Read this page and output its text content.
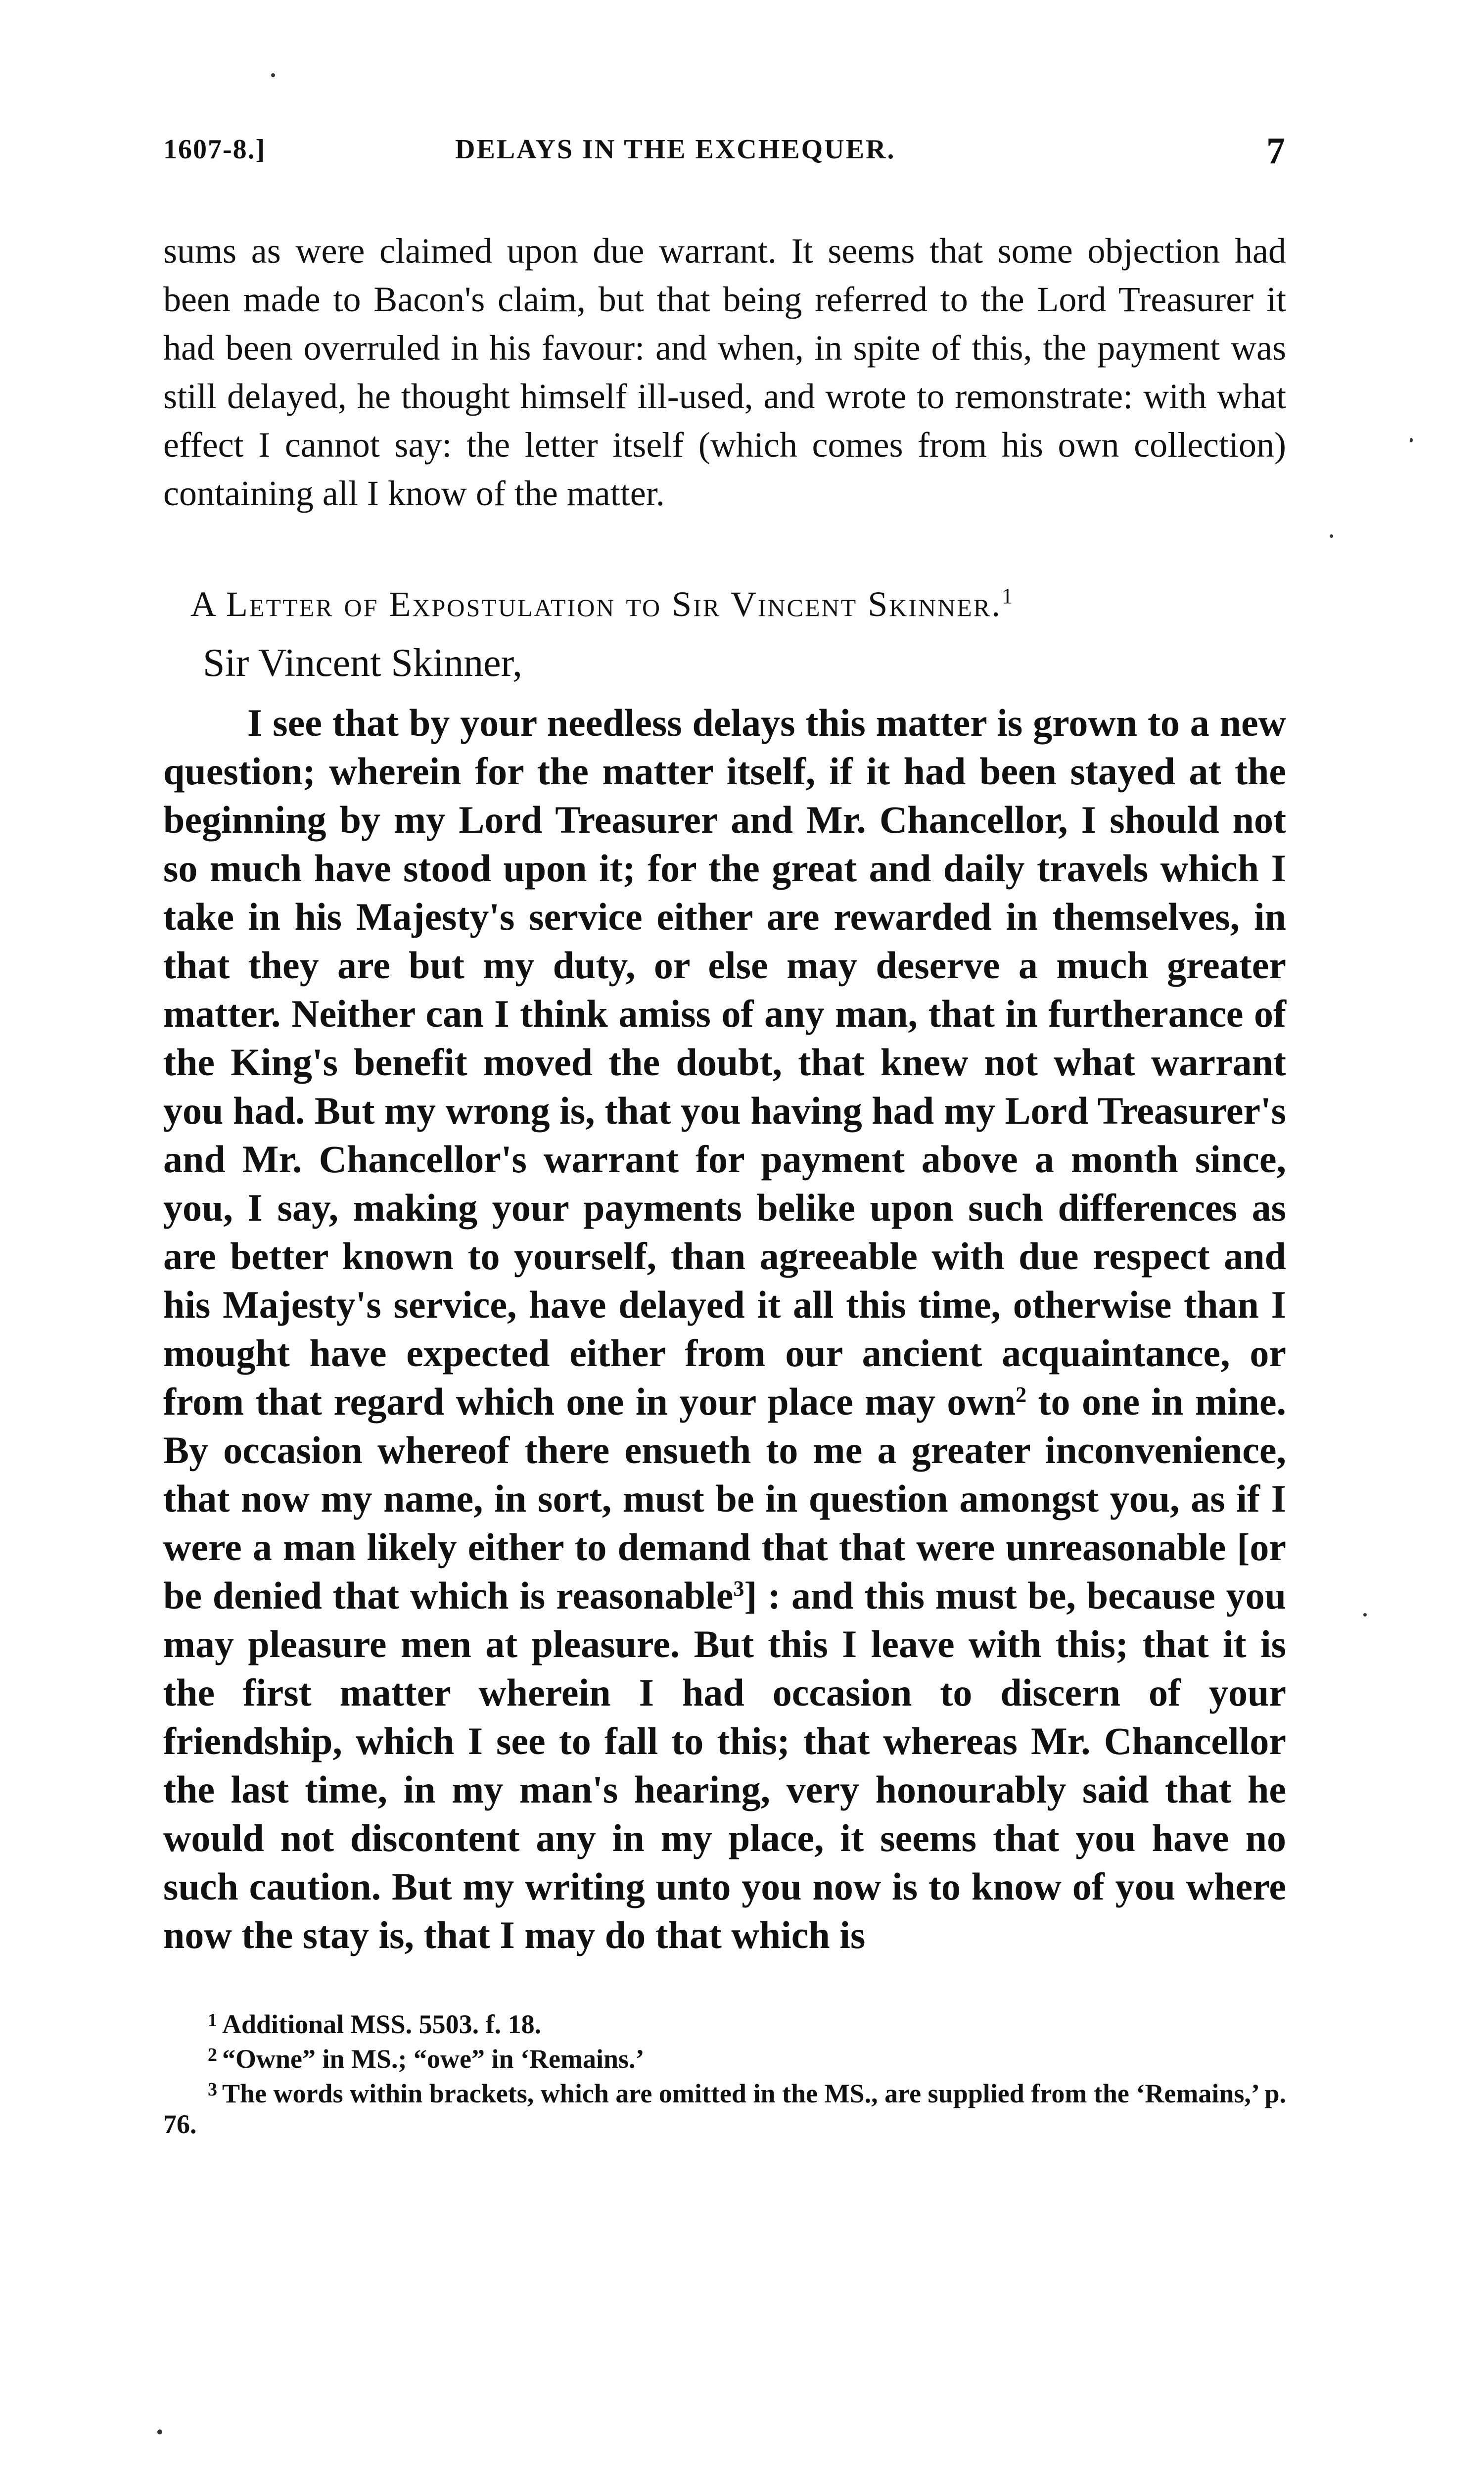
1607-8.]	DELAYS IN THE EXCHEQUER.	7
sums as were claimed upon due warrant. It seems that some objection had been made to Bacon's claim, but that being referred to the Lord Treasurer it had been overruled in his favour: and when, in spite of this, the payment was still delayed, he thought himself ill-used, and wrote to remonstrate: with what effect I cannot say: the letter itself (which comes from his own collection) containing all I know of the matter.
A Letter of Expostulation to Sir Vincent Skinner.$^1$
Sir Vincent Skinner,
I see that by your needless delays this matter is grown to a new question; wherein for the matter itself, if it had been stayed at the beginning by my Lord Treasurer and Mr. Chancellor, I should not so much have stood upon it; for the great and daily travels which I take in his Majesty's service either are rewarded in themselves, in that they are but my duty, or else may deserve a much greater matter. Neither can I think amiss of any man, that in furtherance of the King's benefit moved the doubt, that knew not what warrant you had. But my wrong is, that you having had my Lord Treasurer's and Mr. Chancellor's warrant for payment above a month since, you, I say, making your payments belike upon such differences as are better known to yourself, than agreeable with due respect and his Majesty's service, have delayed it all this time, otherwise than I mought have expected either from our ancient acquaintance, or from that regard which one in your place may own$^2$ to one in mine. By occasion whereof there ensueth to me a greater inconvenience, that now my name, in sort, must be in question amongst you, as if I were a man likely either to demand that that were unreasonable [or be denied that which is reasonable$^3$] : and this must be, because you may pleasure men at pleasure. But this I leave with this; that it is the first matter wherein I had occasion to discern of your friendship, which I see to fall to this; that whereas Mr. Chancellor the last time, in my man's hearing, very honourably said that he would not discontent any in my place, it seems that you have no such caution. But my writing unto you now is to know of you where now the stay is, that I may do that which is
$^1$ Additional MSS. 5503. f. 18.
$^2$ “Owne” in MS.; “owe” in ‘Remains.’
$^3$ The words within brackets, which are omitted in the MS., are supplied from the ‘Remains,’ p. 76.
